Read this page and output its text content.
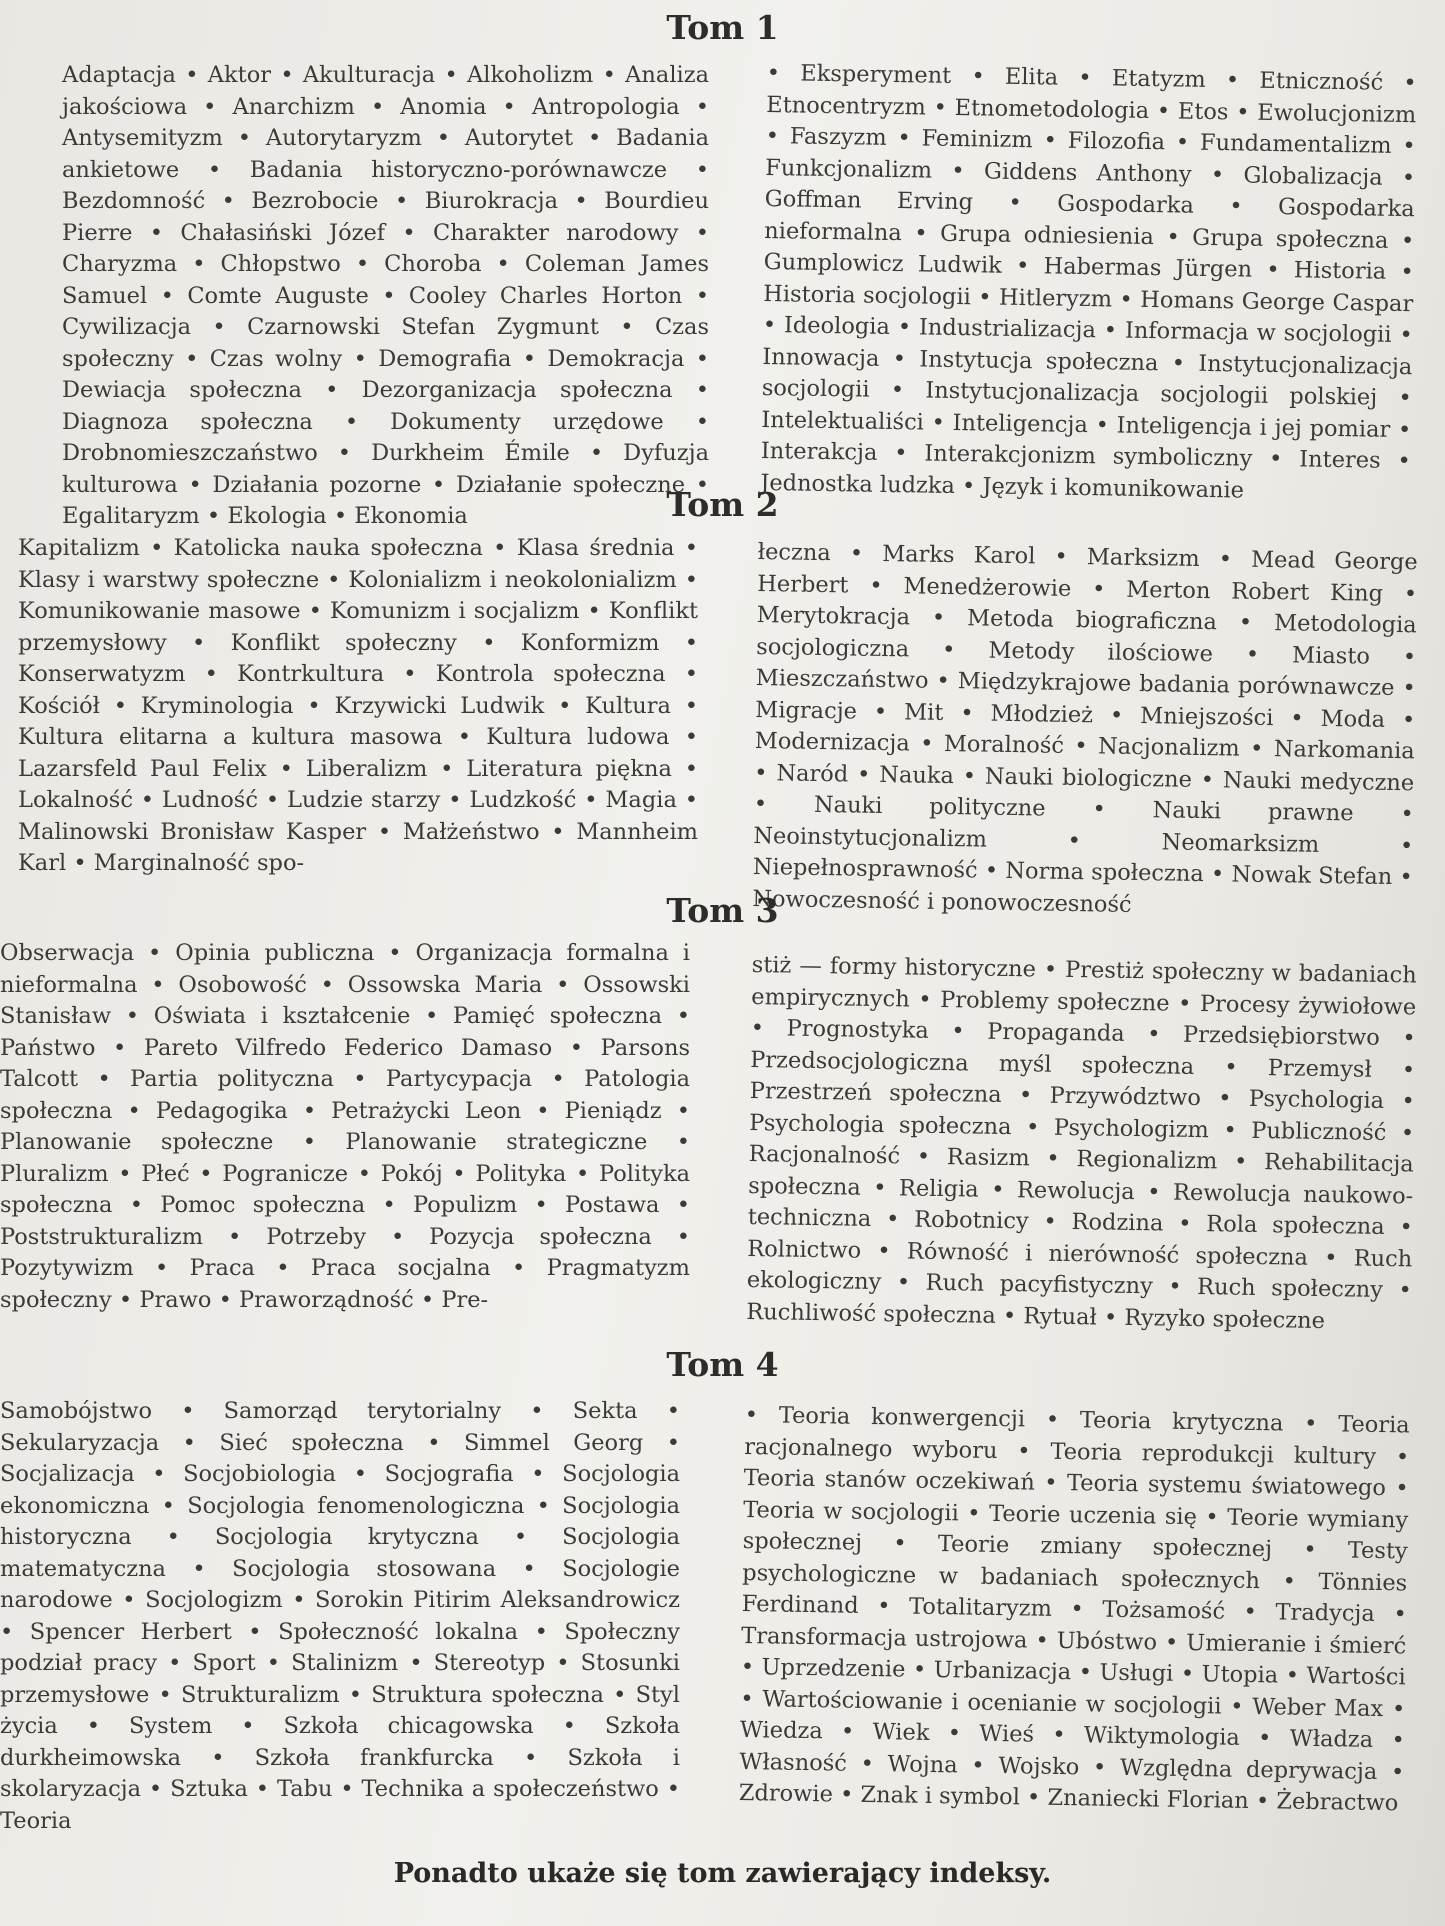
Tom 1

Adaptacja • Aktor • Akulturacja • Alkoholizm • Analiza jakościowa • Anarchizm • Anomia • Antropologia • Antysemityzm • Autorytaryzm • Autorytet • Badania ankietowe • Badania historyczno-porównawcze • Bezdomność • Bezrobocie • Biurokracja • Bourdieu Pierre • Chałasiński Józef • Charakter narodowy • Charyzma • Chłopstwo • Choroba • Coleman James Samuel • Comte Auguste • Cooley Charles Horton • Cywilizacja • Czarnowski Stefan Zygmunt • Czas społeczny • Czas wolny • Demografia • Demokracja • Dewiacja społeczna • Dezorganizacja społeczna • Diagnoza społeczna • Dokumenty urzędowe • Drobnomieszczaństwo • Durkheim Émile • Dyfuzja kulturowa • Działania pozorne • Działanie społeczne • Egalitaryzm • Ekologia • Ekonomia

• Eksperyment • Elita • Etatyzm • Etniczność • Etnocentryzm • Etnometodologia • Etos • Ewolucjonizm • Faszyzm • Feminizm • Filozofia • Fundamentalizm • Funkcjonalizm • Giddens Anthony • Globalizacja • Goffman Erving • Gospodarka • Gospodarka nieformalna • Grupa odniesienia • Grupa społeczna • Gumplowicz Ludwik • Habermas Jürgen • Historia • Historia socjologii • Hitleryzm • Homans George Caspar • Ideologia • Industrializacja • Informacja w socjologii • Innowacja • Instytucja społeczna • Instytucjonalizacja socjologii • Instytucjonalizacja socjologii polskiej • Intelektualiści • Inteligencja • Inteligencja i jej pomiar • Interakcja • Interakcjonizm symboliczny • Interes • Jednostka ludzka • Język i komunikowanie

Tom 2

Kapitalizm • Katolicka nauka społeczna • Klasa średnia • Klasy i warstwy społeczne • Kolonializm i neokolonializm • Komunikowanie masowe • Komunizm i socjalizm • Konflikt przemysłowy • Konflikt społeczny • Konformizm • Konserwatyzm • Kontrkultura • Kontrola społeczna • Kościół • Kryminologia • Krzywicki Ludwik • Kultura • Kultura elitarna a kultura masowa • Kultura ludowa • Lazarsfeld Paul Felix • Liberalizm • Literatura piękna • Lokalność • Ludność • Ludzie starzy • Ludzkość • Magia • Malinowski Bronisław Kasper • Małżeństwo • Mannheim Karl • Marginalność spo-

łeczna • Marks Karol • Marksizm • Mead George Herbert • Menedżerowie • Merton Robert King • Merytokracja • Metoda biograficzna • Metodologia socjologiczna • Metody ilościowe • Miasto • Mieszczaństwo • Międzykrajowe badania porównawcze • Migracje • Mit • Młodzież • Mniejszości • Moda • Modernizacja • Moralność • Nacjonalizm • Narkomania • Naród • Nauka • Nauki biologiczne • Nauki medyczne • Nauki polityczne • Nauki prawne • Neoinstytucjonalizm • Neomarksizm • Niepełnosprawność • Norma społeczna • Nowak Stefan • Nowoczesność i ponowoczesność

Tom 3

Obserwacja • Opinia publiczna • Organizacja formalna i nieformalna • Osobowość • Ossowska Maria • Ossowski Stanisław • Oświata i kształcenie • Pamięć społeczna • Państwo • Pareto Vilfredo Federico Damaso • Parsons Talcott • Partia polityczna • Partycypacja • Patologia społeczna • Pedagogika • Petrażycki Leon • Pieniądz • Planowanie społeczne • Planowanie strategiczne • Pluralizm • Płeć • Pogranicze • Pokój • Polityka • Polityka społeczna • Pomoc społeczna • Populizm • Postawa • Poststrukturalizm • Potrzeby • Pozycja społeczna • Pozytywizm • Praca • Praca socjalna • Pragmatyzm społeczny • Prawo • Praworządność • Pre-

stiż — formy historyczne • Prestiż społeczny w badaniach empirycznych • Problemy społeczne • Procesy żywiołowe • Prognostyka • Propaganda • Przedsiębiorstwo • Przedsocjologiczna myśl społeczna • Przemysł • Przestrzeń społeczna • Przywództwo • Psychologia • Psychologia społeczna • Psychologizm • Publiczność • Racjonalność • Rasizm • Regionalizm • Rehabilitacja społeczna • Religia • Rewolucja • Rewolucja naukowo-techniczna • Robotnicy • Rodzina • Rola społeczna • Rolnictwo • Równość i nierówność społeczna • Ruch ekologiczny • Ruch pacyfistyczny • Ruch społeczny • Ruchliwość społeczna • Rytuał • Ryzyko społeczne

Tom 4

Samobójstwo • Samorząd terytorialny • Sekta • Sekularyzacja • Sieć społeczna • Simmel Georg • Socjalizacja • Socjobiologia • Socjografia • Socjologia ekonomiczna • Socjologia fenomenologiczna • Socjologia historyczna • Socjologia krytyczna • Socjologia matematyczna • Socjologia stosowana • Socjologie narodowe • Socjologizm • Sorokin Pitirim Aleksandrowicz • Spencer Herbert • Społeczność lokalna • Społeczny podział pracy • Sport • Stalinizm • Stereotyp • Stosunki przemysłowe • Strukturalizm • Struktura społeczna • Styl życia • System • Szkoła chicagowska • Szkoła durkheimowska • Szkoła frankfurcka • Szkoła i skolaryzacja • Sztuka • Tabu • Technika a społeczeństwo • Teoria

• Teoria konwergencji • Teoria krytyczna • Teoria racjonalnego wyboru • Teoria reprodukcji kultury • Teoria stanów oczekiwań • Teoria systemu światowego • Teoria w socjologii • Teorie uczenia się • Teorie wymiany społecznej • Teorie zmiany społecznej • Testy psychologiczne w badaniach społecznych • Tönnies Ferdinand • Totalitaryzm • Tożsamość • Tradycja • Transformacja ustrojowa • Ubóstwo • Umieranie i śmierć • Uprzedzenie • Urbanizacja • Usługi • Utopia • Wartości • Wartościowanie i ocenianie w socjologii • Weber Max • Wiedza • Wiek • Wieś • Wiktymologia • Władza • Własność • Wojna • Wojsko • Względna deprywacja • Zdrowie • Znak i symbol • Znaniecki Florian • Żebractwo

Ponadto ukaże się tom zawierający indeksy.
